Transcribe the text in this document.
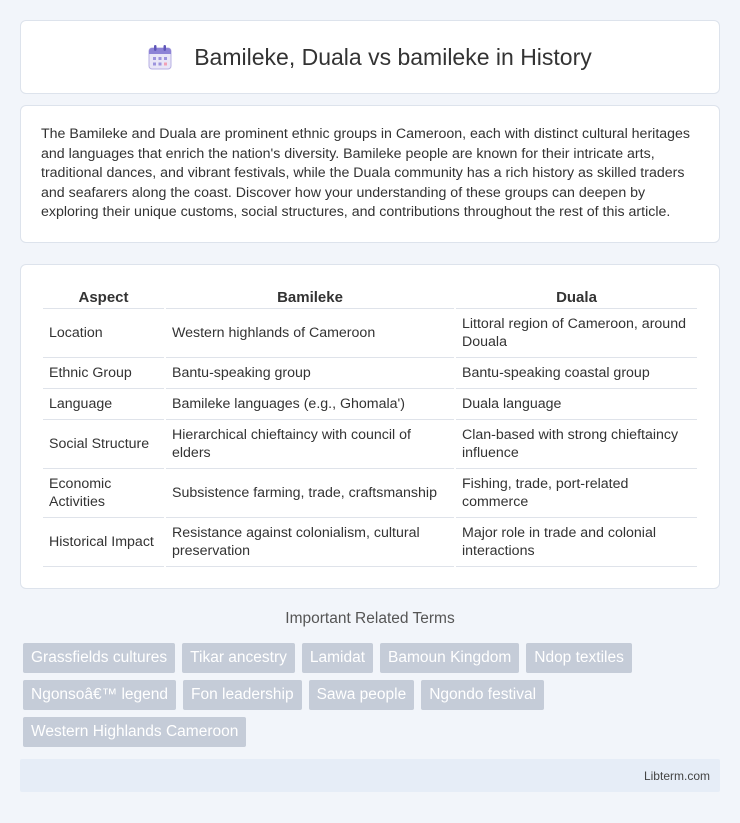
Bamileke, Duala vs bamileke in History

The Bamileke and Duala are prominent ethnic groups in Cameroon, each with distinct cultural heritages and languages that enrich the nation's diversity. Bamileke people are known for their intricate arts, traditional dances, and vibrant festivals, while the Duala community has a rich history as skilled traders and seafarers along the coast. Discover how your understanding of these groups can deepen by exploring their unique customs, social structures, and contributions throughout the rest of this article.

Aspect	Bamileke	Duala
Location	Western highlands of Cameroon	Littoral region of Cameroon, around Douala
Ethnic Group	Bantu-speaking group	Bantu-speaking coastal group
Language	Bamileke languages (e.g., Ghomala')	Duala language
Social Structure	Hierarchical chieftaincy with council of elders	Clan-based with strong chieftaincy influence
Economic Activities	Subsistence farming, trade, craftsmanship	Fishing, trade, port-related commerce
Historical Impact	Resistance against colonialism, cultural preservation	Major role in trade and colonial interactions
Important Related Terms
Grassfields cultures	Tikar ancestry	Lamidat	Bamoun Kingdom	Ndop textiles
Ngonsoâ€™ legend	Fon leadership	Sawa people	Ngondo festival
Western Highlands Cameroon
Libterm.com
